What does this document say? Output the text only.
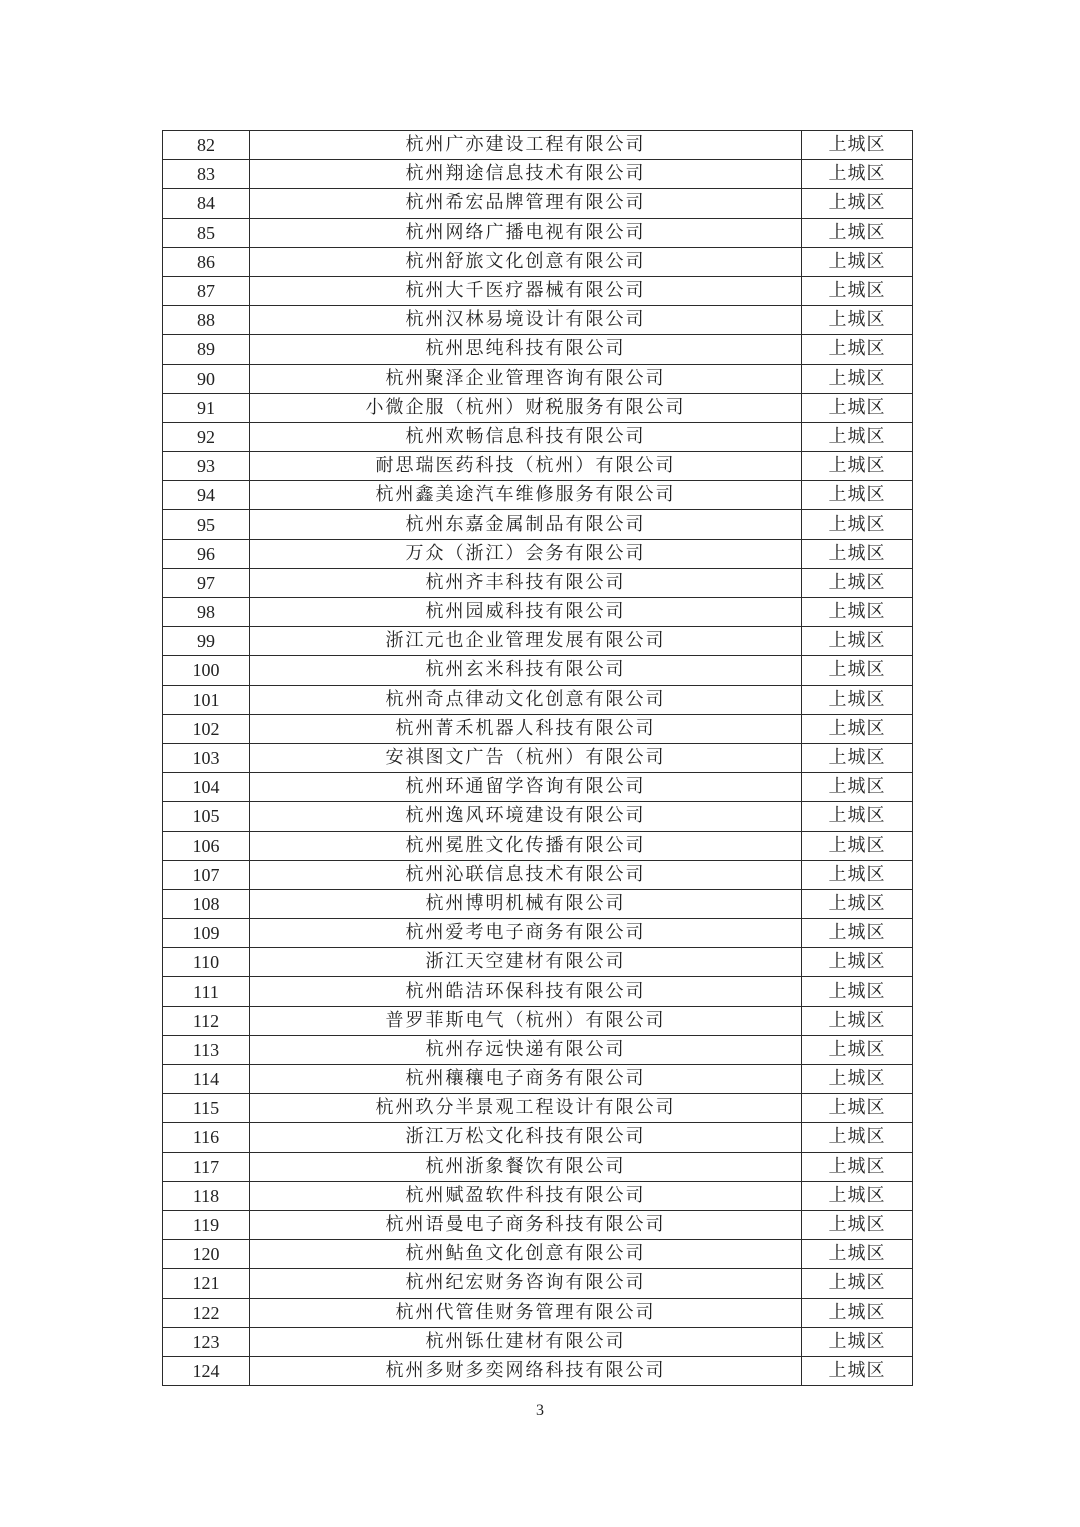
82	杭州广亦建设工程有限公司	上城区
83	杭州翔途信息技术有限公司	上城区
84	杭州希宏品牌管理有限公司	上城区
85	杭州网络广播电视有限公司	上城区
86	杭州舒旅文化创意有限公司	上城区
87	杭州大千医疗器械有限公司	上城区
88	杭州汉林易境设计有限公司	上城区
89	杭州思纯科技有限公司	上城区
90	杭州聚泽企业管理咨询有限公司	上城区
91	小微企服（杭州）财税服务有限公司	上城区
92	杭州欢畅信息科技有限公司	上城区
93	耐思瑞医药科技（杭州）有限公司	上城区
94	杭州鑫美途汽车维修服务有限公司	上城区
95	杭州东嘉金属制品有限公司	上城区
96	万众（浙江）会务有限公司	上城区
97	杭州齐丰科技有限公司	上城区
98	杭州园威科技有限公司	上城区
99	浙江元也企业管理发展有限公司	上城区
100	杭州玄米科技有限公司	上城区
101	杭州奇点律动文化创意有限公司	上城区
102	杭州菁禾机器人科技有限公司	上城区
103	安祺图文广告（杭州）有限公司	上城区
104	杭州环通留学咨询有限公司	上城区
105	杭州逸风环境建设有限公司	上城区
106	杭州冕胜文化传播有限公司	上城区
107	杭州沁联信息技术有限公司	上城区
108	杭州博明机械有限公司	上城区
109	杭州爱考电子商务有限公司	上城区
110	浙江天空建材有限公司	上城区
111	杭州皓洁环保科技有限公司	上城区
112	普罗菲斯电气（杭州）有限公司	上城区
113	杭州存远快递有限公司	上城区
114	杭州穰穰电子商务有限公司	上城区
115	杭州玖分半景观工程设计有限公司	上城区
116	浙江万松文化科技有限公司	上城区
117	杭州浙象餐饮有限公司	上城区
118	杭州赋盈软件科技有限公司	上城区
119	杭州语曼电子商务科技有限公司	上城区
120	杭州鲇鱼文化创意有限公司	上城区
121	杭州纪宏财务咨询有限公司	上城区
122	杭州代管佳财务管理有限公司	上城区
123	杭州铄仕建材有限公司	上城区
124	杭州多财多奕网络科技有限公司	上城区
3
